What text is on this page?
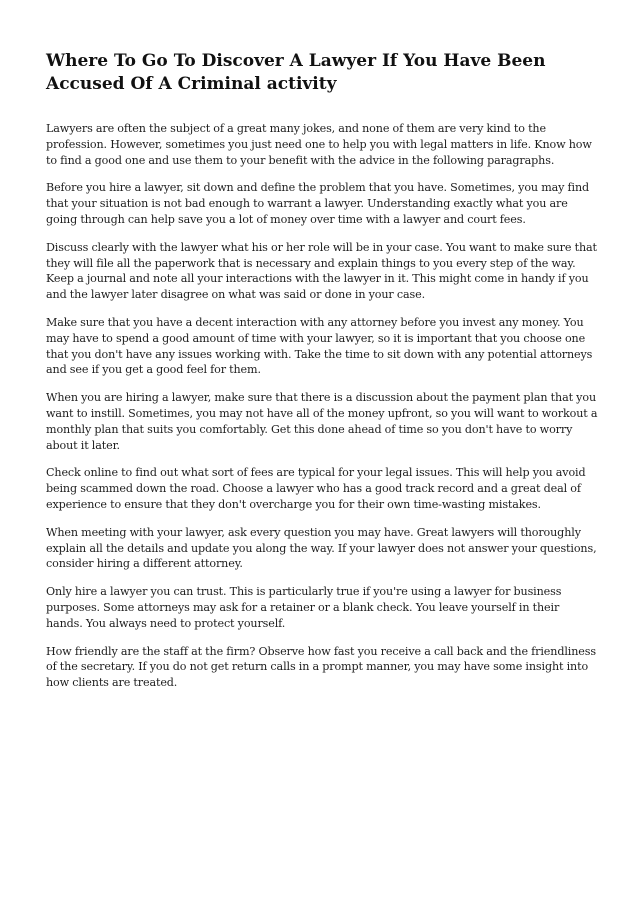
Where To Go To Discover A Lawyer If You Have Been
Accused Of A Criminal activity

Lawyers are often the subject of a great many jokes, and none of them are very kind to the profession. However, sometimes you just need one to help you with legal matters in life. Know how to find a good one and use them to your benefit with the advice in the following paragraphs.

Before you hire a lawyer, sit down and define the problem that you have. Sometimes, you may find that your situation is not bad enough to warrant a lawyer. Understanding exactly what you are going through can help save you a lot of money over time with a lawyer and court fees.

Discuss clearly with the lawyer what his or her role will be in your case. You want to make sure that they will file all the paperwork that is necessary and explain things to you every step of the way. Keep a journal and note all your interactions with the lawyer in it. This might come in handy if you and the lawyer later disagree on what was said or done in your case.

Make sure that you have a decent interaction with any attorney before you invest any money. You may have to spend a good amount of time with your lawyer, so it is important that you choose one that you don't have any issues working with. Take the time to sit down with any potential attorneys and see if you get a good feel for them.

When you are hiring a lawyer, make sure that there is a discussion about the payment plan that you want to instill. Sometimes, you may not have all of the money upfront, so you will want to workout a monthly plan that suits you comfortably. Get this done ahead of time so you don't have to worry about it later.

Check online to find out what sort of fees are typical for your legal issues. This will help you avoid being scammed down the road. Choose a lawyer who has a good track record and a great deal of experience to ensure that they don't overcharge you for their own time-wasting mistakes.

When meeting with your lawyer, ask every question you may have. Great lawyers will thoroughly explain all the details and update you along the way. If your lawyer does not answer your questions, consider hiring a different attorney.

Only hire a lawyer you can trust. This is particularly true if you're using a lawyer for business purposes. Some attorneys may ask for a retainer or a blank check. You leave yourself in their hands. You always need to protect yourself.

How friendly are the staff at the firm? Observe how fast you receive a call back and the friendliness of the secretary. If you do not get return calls in a prompt manner, you may have some insight into how clients are treated.
